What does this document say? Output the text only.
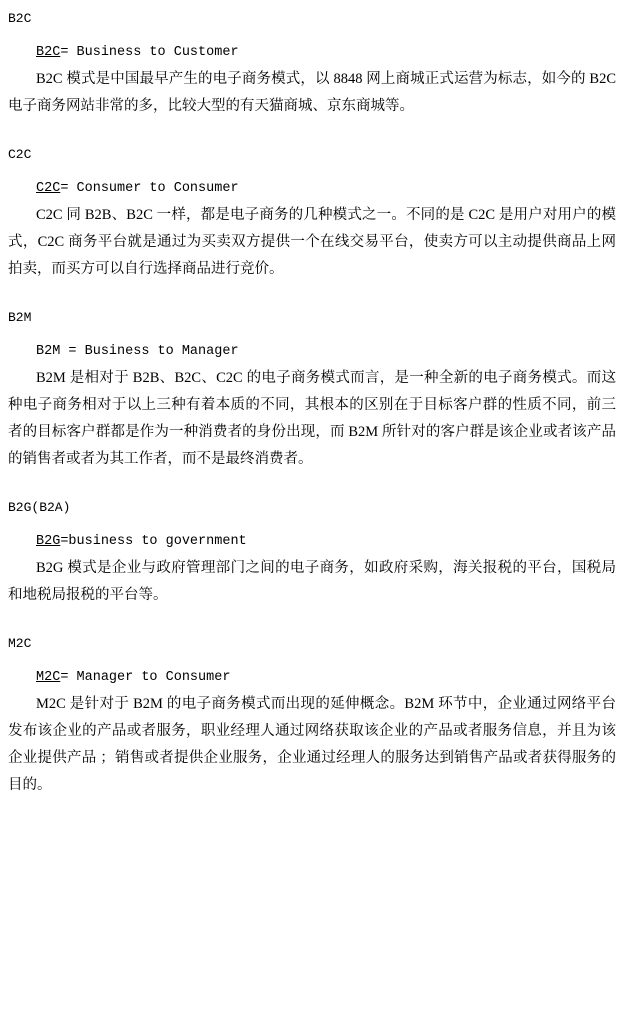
B2C
B2C= Business to Customer

B2C 模式是中国最早产生的电子商务模式，以 8848 网上商城正式运营为标志，如今的 B2C 电子商务网站非常的多，比较大型的有天猫商城、京东商城等。

C2C
C2C= Consumer to Consumer

C2C 同 B2B、B2C 一样，都是电子商务的几种模式之一。不同的是 C2C 是用户对用户的模式，C2C 商务平台就是通过为买卖双方提供一个在线交易平台，使卖方可以主动提供商品上网拍卖，而买方可以自行选择商品进行竞价。

B2M
B2M = Business to Manager

B2M 是相对于 B2B、B2C、C2C 的电子商务模式而言，是一种全新的电子商务模式。而这种电子商务相对于以上三种有着本质的不同，其根本的区别在于目标客户群的性质不同，前三者的目标客户群都是作为一种消费者的身份出现，而 B2M 所针对的客户群是该企业或者该产品的销售者或者为其工作者，而不是最终消费者。

B2G(B2A)
B2G=business to government

B2G 模式是企业与政府管理部门之间的电子商务，如政府采购，海关报税的平台，国税局和地税局报税的平台等。

M2C
M2C= Manager to Consumer

M2C 是针对于 B2M 的电子商务模式而出现的延伸概念。B2M 环节中，企业通过网络平台发布该企业的产品或者服务，职业经理人通过网络获取该企业的产品或者服务信息，并且为该企业提供产品 ；销售或者提供企业服务，企业通过经理人的服务达到销售产品或者获得服务的目的。
